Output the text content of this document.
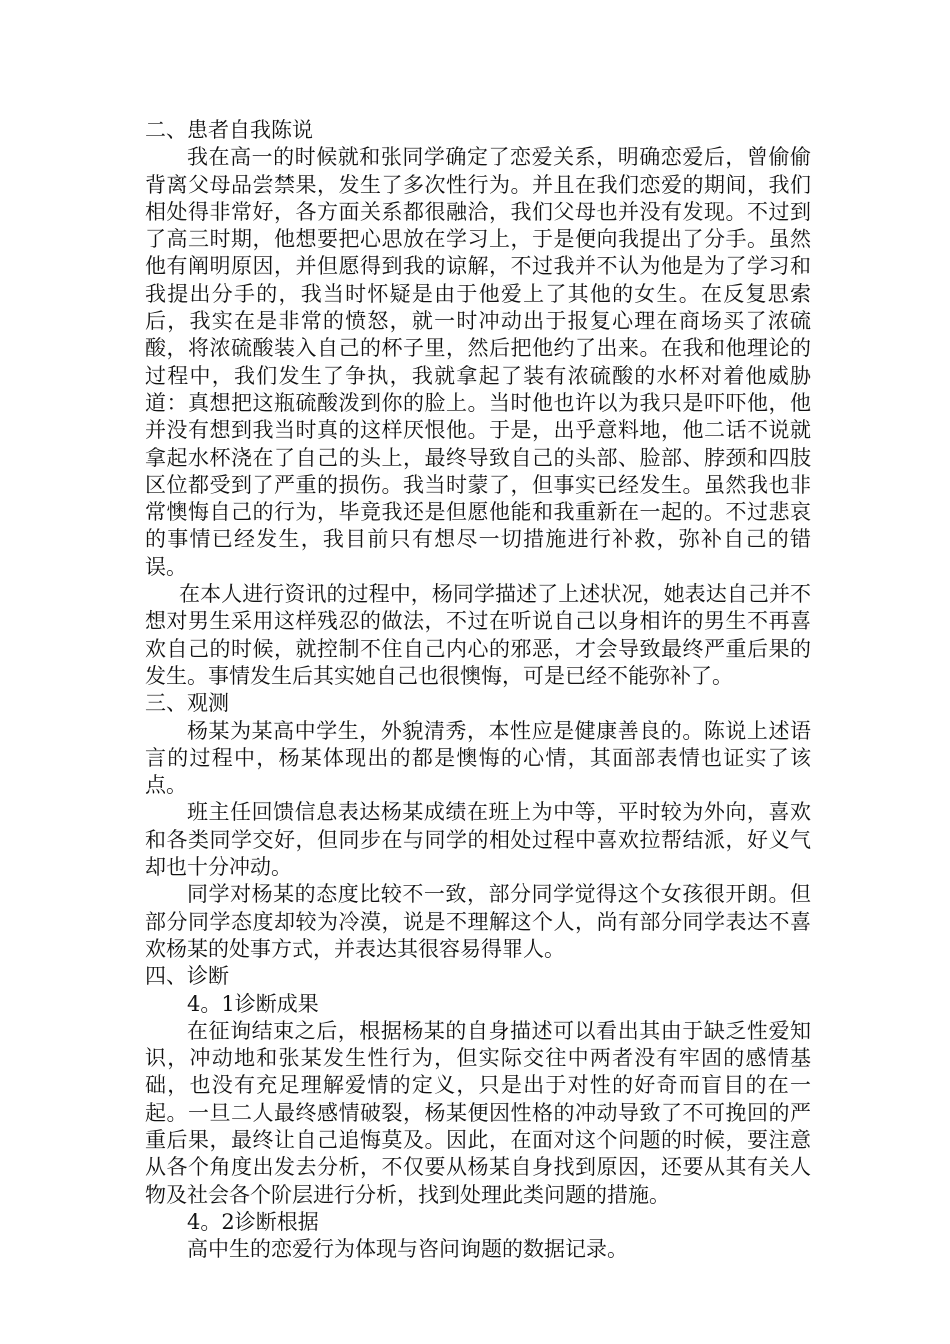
二、患者自我陈说

我在高一的时候就和张同学确定了恋爱关系，明确恋爱后，曾偷偷背离父母品尝禁果，发生了多次性行为。并且在我们恋爱的期间，我们相处得非常好，各方面关系都很融洽，我们父母也并没有发现。不过到了高三时期，他想要把心思放在学习上，于是便向我提出了分手。虽然他有阐明原因，并但愿得到我的谅解，不过我并不认为他是为了学习和我提出分手的，我当时怀疑是由于他爱上了其他的女生。在反复思索后，我实在是非常的愤怒，就一时冲动出于报复心理在商场买了浓硫酸，将浓硫酸装入自己的杯子里，然后把他约了出来。在我和他理论的过程中，我们发生了争执，我就拿起了装有浓硫酸的水杯对着他威胁道：真想把这瓶硫酸泼到你的脸上。当时他也许以为我只是吓吓他，他并没有想到我当时真的这样厌恨他。于是，出乎意料地，他二话不说就拿起水杯浇在了自己的头上，最终导致自己的头部、脸部、脖颈和四肢区位都受到了严重的损伤。我当时蒙了，但事实已经发生。虽然我也非常懊悔自己的行为，毕竟我还是但愿他能和我重新在一起的。不过悲哀的事情已经发生，我目前只有想尽一切措施进行补救，弥补自己的错误。

在本人进行资讯的过程中，杨同学描述了上述状况，她表达自己并不想对男生采用这样残忍的做法，不过在听说自己以身相许的男生不再喜欢自己的时候，就控制不住自己内心的邪恶，才会导致最终严重后果的发生。事情发生后其实她自己也很懊悔，可是已经不能弥补了。

三、观测

杨某为某高中学生，外貌清秀，本性应是健康善良的。陈说上述语言的过程中，杨某体现出的都是懊悔的心情，其面部表情也证实了该点。

班主任回馈信息表达杨某成绩在班上为中等，平时较为外向，喜欢和各类同学交好，但同步在与同学的相处过程中喜欢拉帮结派，好义气却也十分冲动。

同学对杨某的态度比较不一致，部分同学觉得这个女孩很开朗。但部分同学态度却较为冷漠，说是不理解这个人，尚有部分同学表达不喜欢杨某的处事方式，并表达其很容易得罪人。

四、诊断

4。1诊断成果

在征询结束之后，根据杨某的自身描述可以看出其由于缺乏性爱知识，冲动地和张某发生性行为，但实际交往中两者没有牢固的感情基础，也没有充足理解爱情的定义，只是出于对性的好奇而盲目的在一起。一旦二人最终感情破裂，杨某便因性格的冲动导致了不可挽回的严重后果，最终让自己追悔莫及。因此，在面对这个问题的时候，要注意从各个角度出发去分析，不仅要从杨某自身找到原因，还要从其有关人物及社会各个阶层进行分析，找到处理此类问题的措施。

4。2诊断根据

高中生的恋爱行为体现与咨问询题的数据记录。
